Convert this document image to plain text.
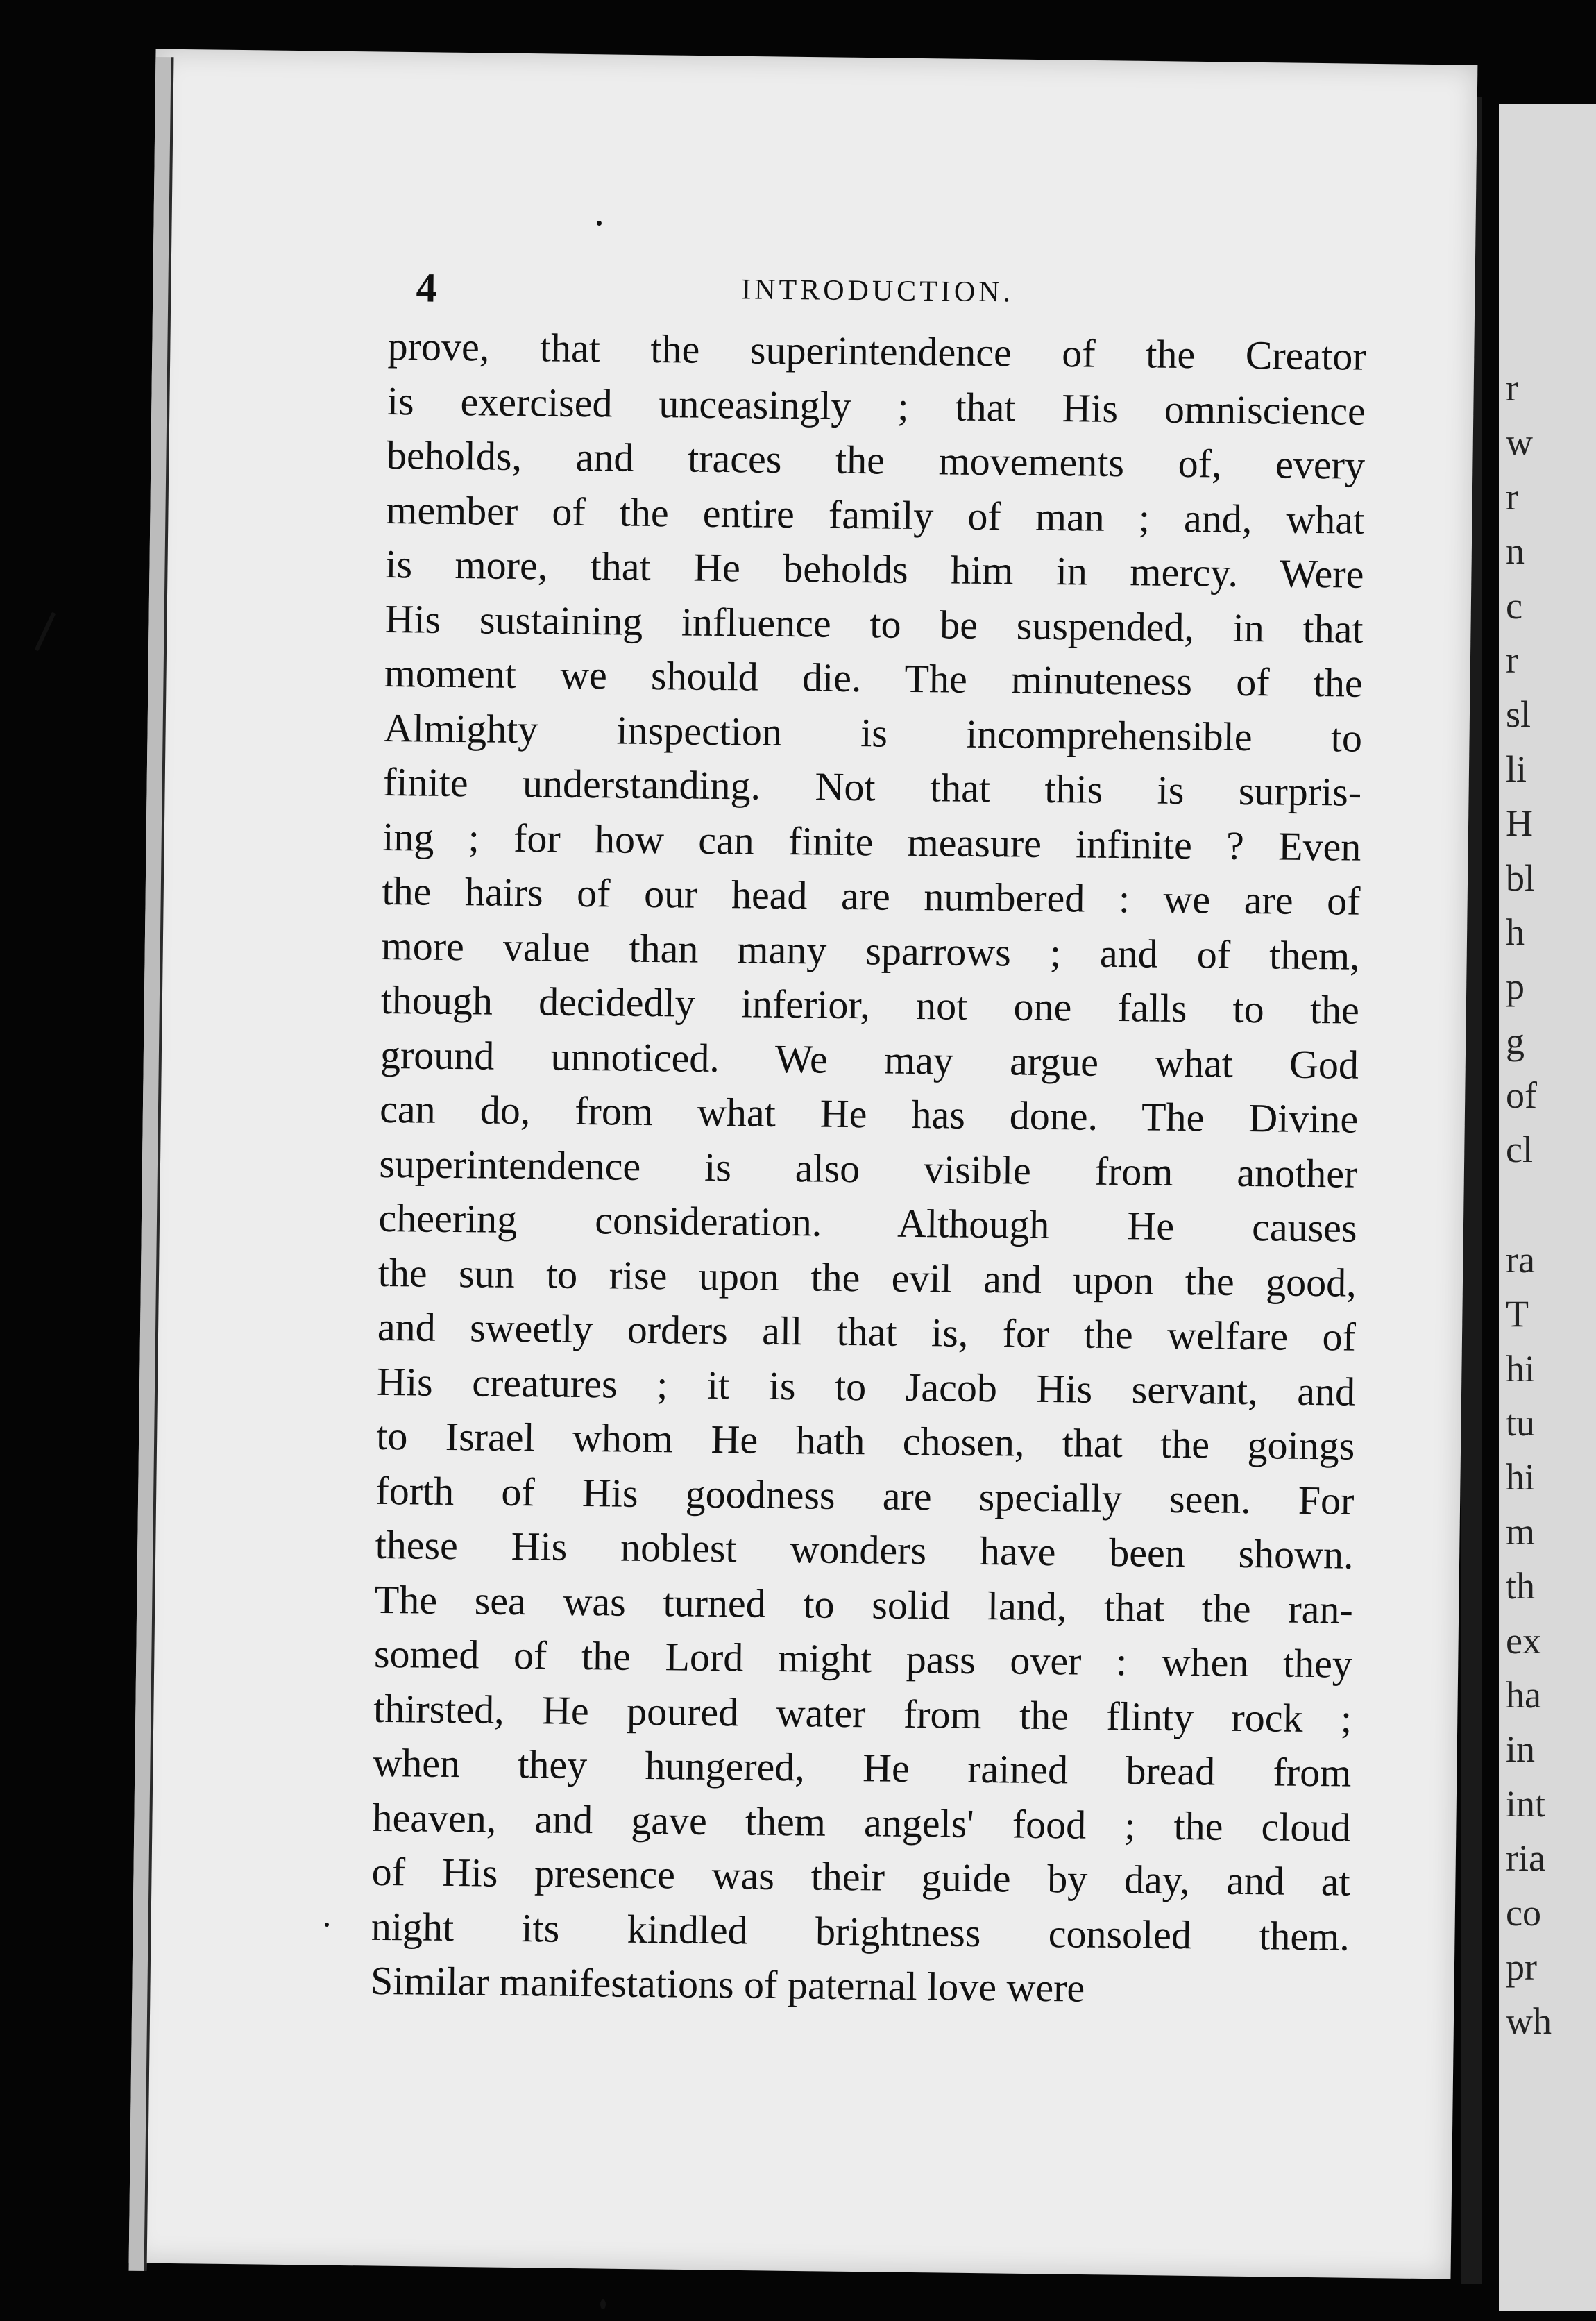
r
w
r
n
c
r
sl
li
H
bl
h
p
g
of
cl
ra
T
hi
tu
hi
m
th
ex
ha
in
int
ria
co
pr
wh
4	INTRODUCTION.
prove, that the superintendence of the Creator
is exercised unceasingly ; that His omniscience
beholds, and traces the movements of, every
member of the entire family of man ; and, what
is more, that He beholds him in mercy. Were
His sustaining influence to be suspended, in that
moment we should die. The minuteness of the
Almighty inspection is incomprehensible to
finite understanding. Not that this is surpris-
ing ; for how can finite measure infinite ? Even
the hairs of our head are numbered : we are of
more value than many sparrows ; and of them,
though decidedly inferior, not one falls to the
ground unnoticed. We may argue what God
can do, from what He has done. The Divine
superintendence is also visible from another
cheering consideration. Although He causes
the sun to rise upon the evil and upon the good,
and sweetly orders all that is, for the welfare of
His creatures ; it is to Jacob His servant, and
to Israel whom He hath chosen, that the goings
forth of His goodness are specially seen. For
these His noblest wonders have been shown.
The sea was turned to solid land, that the ran-
somed of the Lord might pass over : when they
thirsted, He poured water from the flinty rock ;
when they hungered, He rained bread from
heaven, and gave them angels' food ; the cloud
of His presence was their guide by day, and at
night its kindled brightness consoled them.
Similar manifestations of paternal love were
